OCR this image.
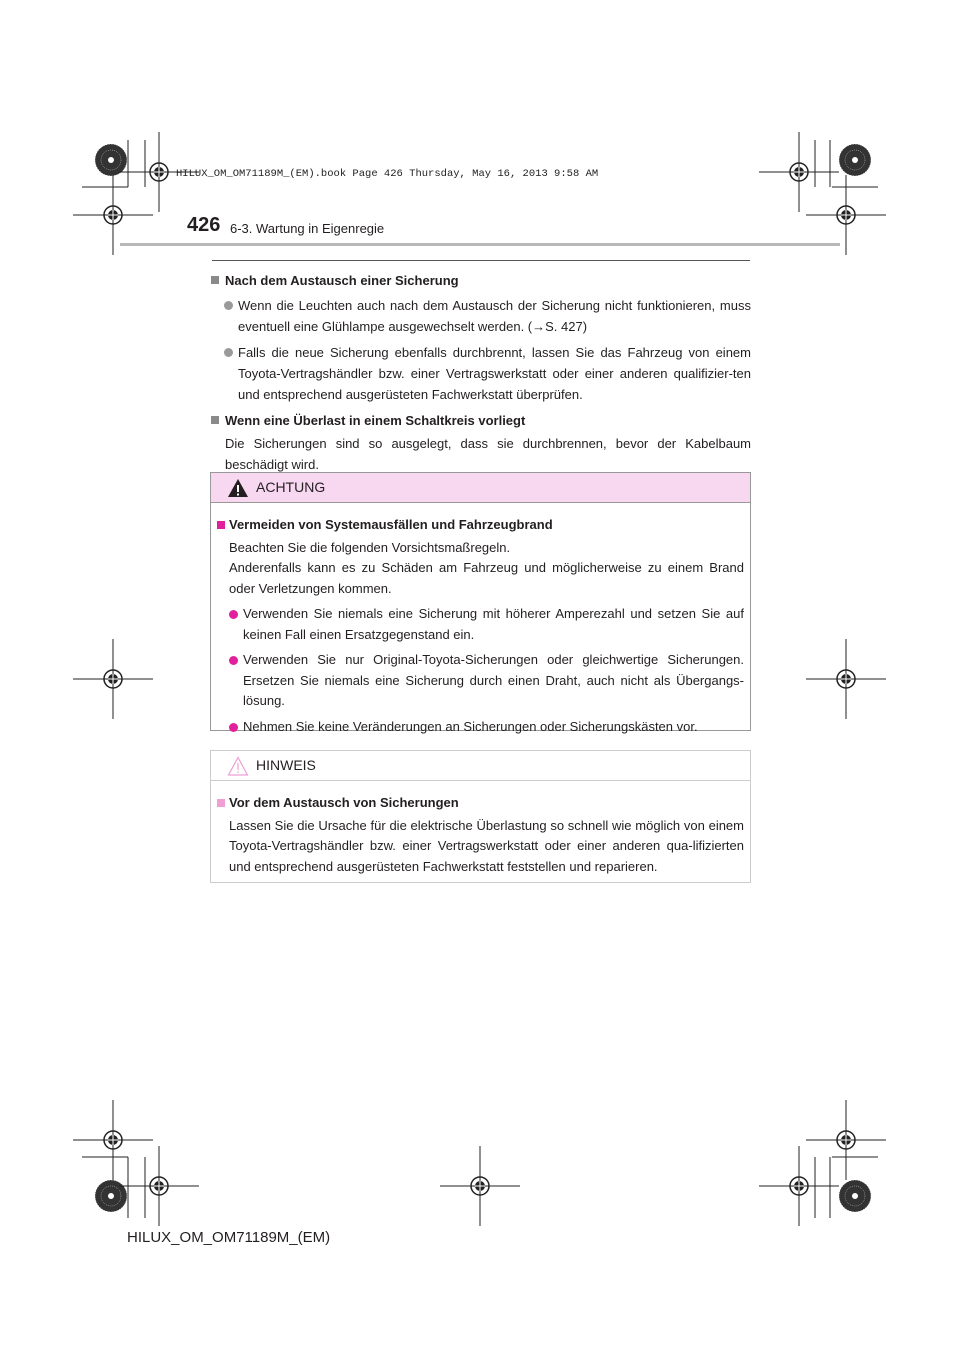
HILUX_OM_OM71189M_(EM).book Page 426 Thursday, May 16, 2013 9:58 AM
426 6-3. Wartung in Eigenregie
Nach dem Austausch einer Sicherung
Wenn die Leuchten auch nach dem Austausch der Sicherung nicht funktionieren, muss eventuell eine Glühlampe ausgewechselt werden. (→S. 427)
Falls die neue Sicherung ebenfalls durchbrennt, lassen Sie das Fahrzeug von einem Toyota-Vertragshändler bzw. einer Vertragswerkstatt oder einer anderen qualifizier-ten und entsprechend ausgerüsteten Fachwerkstatt überprüfen.
Wenn eine Überlast in einem Schaltkreis vorliegt
Die Sicherungen sind so ausgelegt, dass sie durchbrennen, bevor der Kabelbaum beschädigt wird.
ACHTUNG
Vermeiden von Systemausfällen und Fahrzeugbrand
Beachten Sie die folgenden Vorsichtsmaßregeln.
Anderenfalls kann es zu Schäden am Fahrzeug und möglicherweise zu einem Brand oder Verletzungen kommen.
Verwenden Sie niemals eine Sicherung mit höherer Amperezahl und setzen Sie auf keinen Fall einen Ersatzgegenstand ein.
Verwenden Sie nur Original-Toyota-Sicherungen oder gleichwertige Sicherungen. Ersetzen Sie niemals eine Sicherung durch einen Draht, auch nicht als Übergangs-lösung.
Nehmen Sie keine Veränderungen an Sicherungen oder Sicherungskästen vor.
HINWEIS
Vor dem Austausch von Sicherungen
Lassen Sie die Ursache für die elektrische Überlastung so schnell wie möglich von einem Toyota-Vertragshändler bzw. einer Vertragswerkstatt oder einer anderen qua-lifizierten und entsprechend ausgerüsteten Fachwerkstatt feststellen und reparieren.
HILUX_OM_OM71189M_(EM)
